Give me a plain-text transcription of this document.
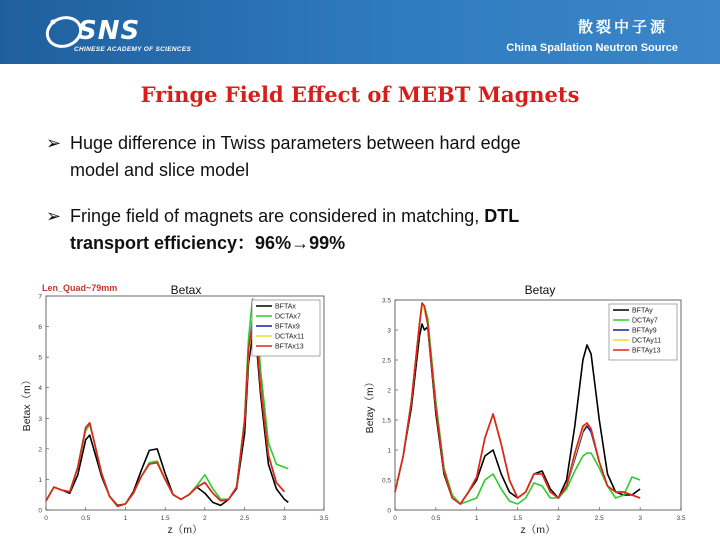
SNS
CHINESE ACADEMY OF SCIENCES
散裂中子源
China Spallation Neutron Source
Fringe Field Effect of MEBT Magnets
➢ Huge difference in Twiss parameters between hard edge
model and slice model
➢ Fringe field of magnets are considered in matching, DTL
transport efficiency：96%→99%
Len_Quad~79mm	Betax
0	0.5	1	1.5	2	2.5	3	3.5
0
1
2
3
4
5
6
7
z（m）
Betax（m）
BFTAx
DCTAx7
BFTAx9
DCTAx11
BFTAx13
Betay
0	0.5	1	1.5	2	2.5	3	3.5
0
0.5
1
1.5
2
2.5
3
3.5
z（m）
Betay（m）
BFTAy
DCTAy7
BFTAy9
DCTAy11
BFTAy13
